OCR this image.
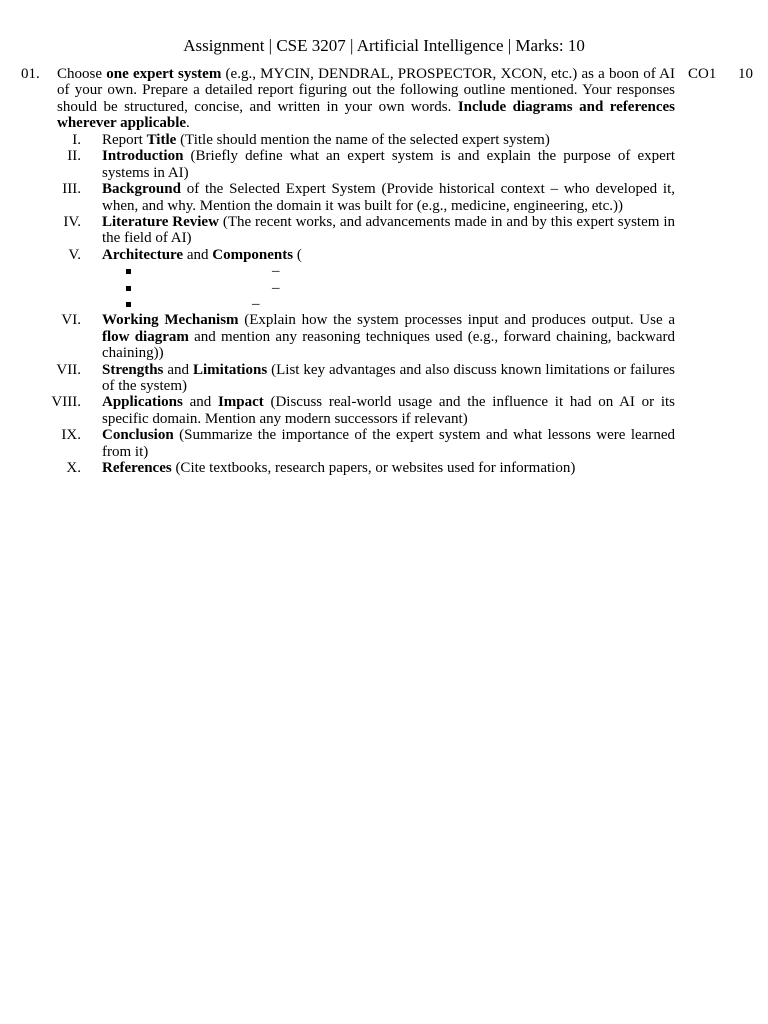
Assignment | CSE 3207 | Artificial Intelligence | Marks: 10
01.	CO1 10
Choose one expert system (e.g., MYCIN, DENDRAL, PROSPECTOR, XCON, etc.) as a boon of AI of your own. Prepare a detailed report figuring out the following outline mentioned. Your responses should be structured, concise, and written in your own words. Include diagrams and references wherever applicable.
I. Report Title (Title should mention the name of the selected expert system)
II. Introduction (Briefly define what an expert system is and explain the purpose of expert systems in AI)
III. Background of the Selected Expert System (Provide historical context – who developed it, when, and why. Mention the domain it was built for (e.g., medicine, engineering, etc.))
IV. Literature Review (The recent works, and advancements made in and by this expert system in the field of AI)
V. Architecture and Components (
–
–
–
VI. Working Mechanism (Explain how the system processes input and produces output. Use a flow diagram and mention any reasoning techniques used (e.g., forward chaining, backward chaining))
VII. Strengths and Limitations (List key advantages and also discuss known limitations or failures of the system)
VIII. Applications and Impact (Discuss real-world usage and the influence it had on AI or its specific domain. Mention any modern successors if relevant)
IX. Conclusion (Summarize the importance of the expert system and what lessons were learned from it)
X. References (Cite textbooks, research papers, or websites used for information)
